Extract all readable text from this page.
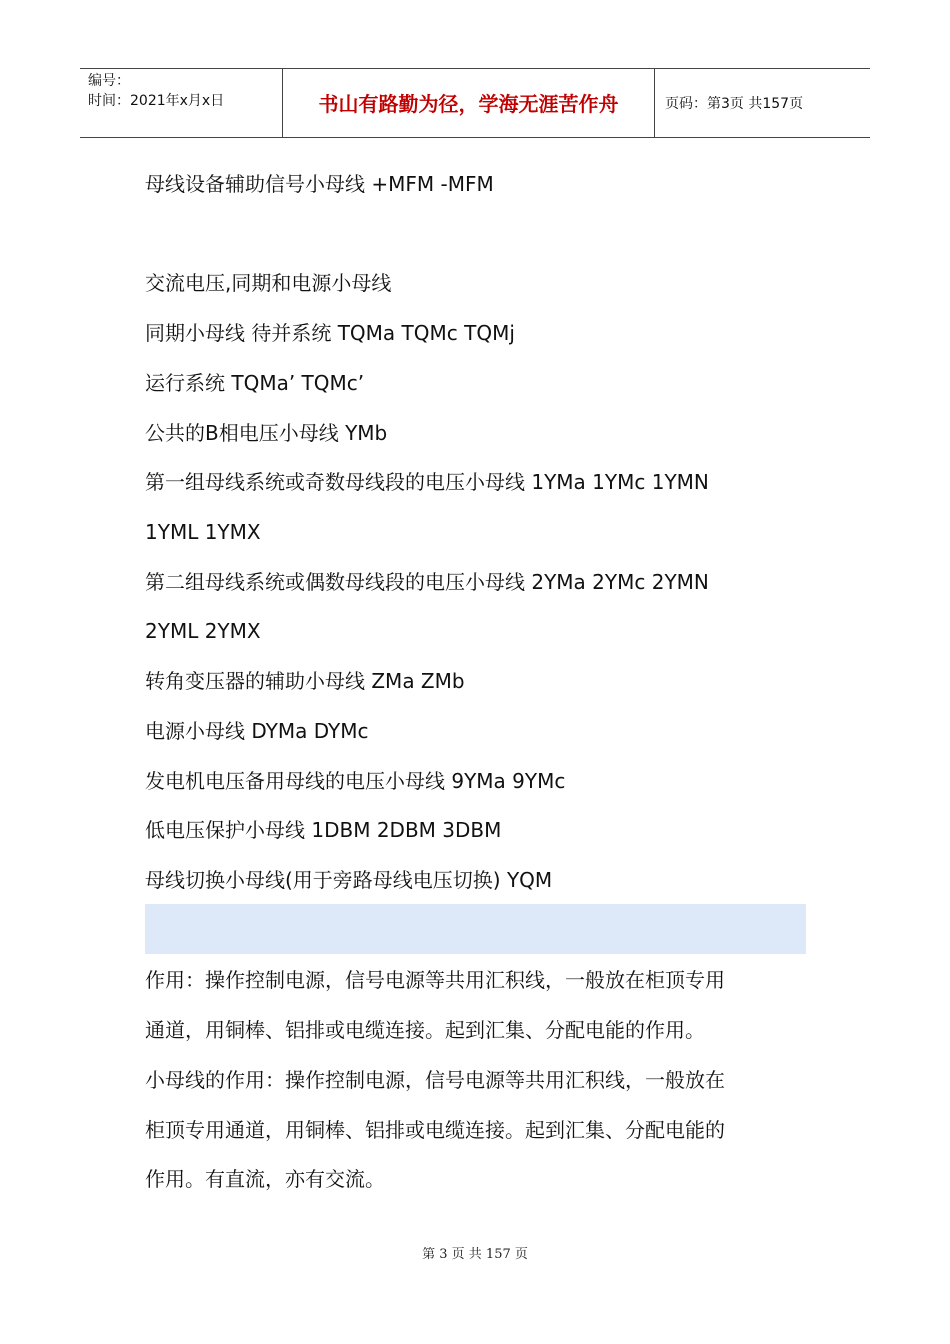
编号：
时间：2021年x月x日	书山有路勤为径，学海无涯苦作舟	页码：第3页 共157页
母线设备辅助信号小母线 +MFM -MFM
交流电压,同期和电源小母线
同期小母线 待并系统 TQMa TQMc TQMj
运行系统 TQMa’ TQMc’
公共的B相电压小母线 YMb
第一组母线系统或奇数母线段的电压小母线 1YMa 1YMc 1YMN
1YML 1YMX
第二组母线系统或偶数母线段的电压小母线 2YMa 2YMc 2YMN
2YML 2YMX
转角变压器的辅助小母线 ZMa ZMb
电源小母线 DYMa DYMc
发电机电压备用母线的电压小母线 9YMa 9YMc
低电压保护小母线 1DBM 2DBM 3DBM
母线切换小母线(用于旁路母线电压切换) YQM
作用：操作控制电源，信号电源等共用汇积线，一般放在柜顶专用
通道，用铜棒、铝排或电缆连接。起到汇集、分配电能的作用。
小母线的作用：操作控制电源，信号电源等共用汇积线，一般放在
柜顶专用通道，用铜棒、铝排或电缆连接。起到汇集、分配电能的
作用。有直流，亦有交流。
第 3 页 共 157 页
